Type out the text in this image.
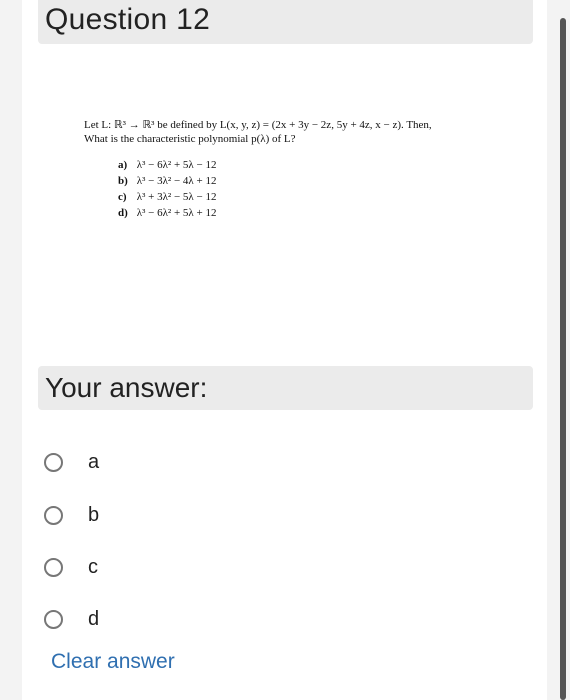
Question 12
Let L: ℝ³ → ℝ³ be defined by L(x, y, z) = (2x + 3y − 2z, 5y + 4z, x − z). Then,
What is the characteristic polynomial p(λ) of L?
a) λ³ − 6λ² + 5λ − 12
b) λ³ − 3λ² − 4λ + 12
c) λ³ + 3λ² − 5λ − 12
d) λ³ − 6λ² + 5λ + 12
Your answer:
a
b
c
d
Clear answer
